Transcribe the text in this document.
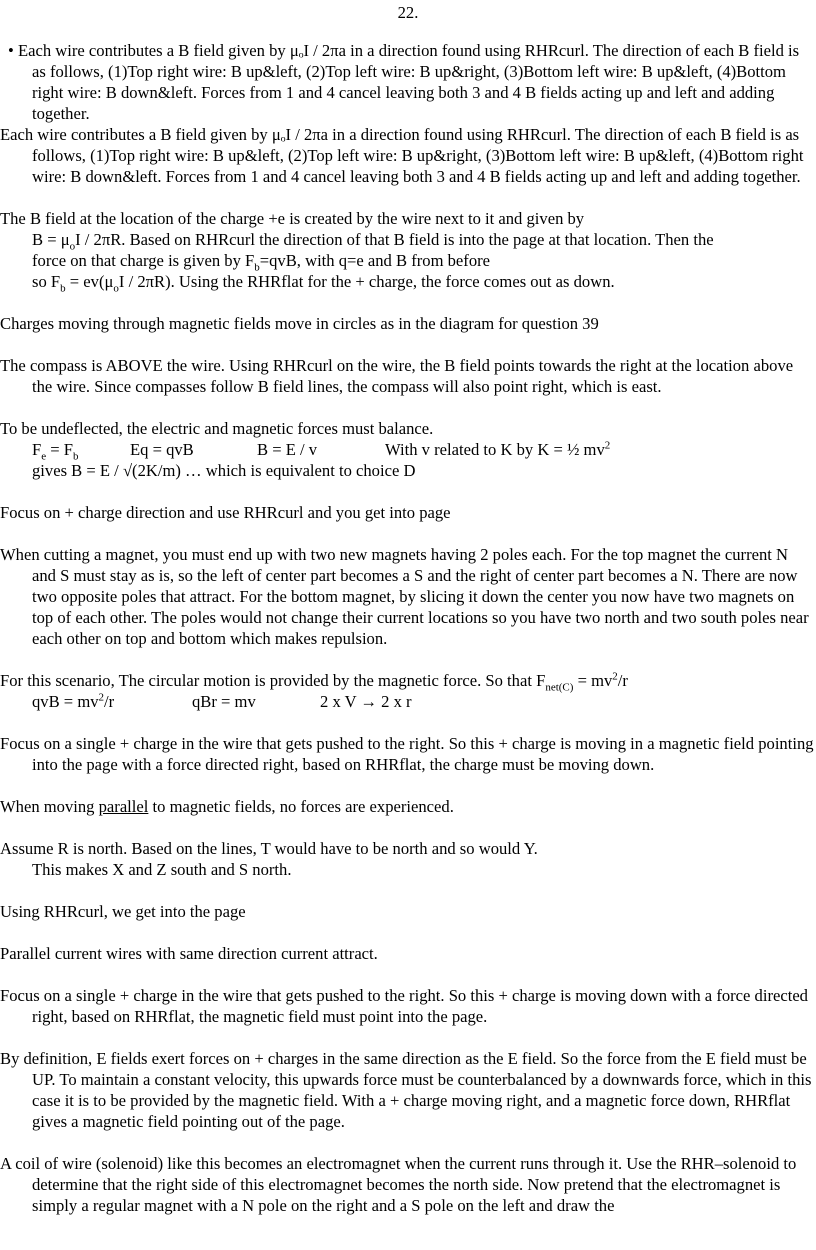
22.

• Each wire contributes a B field given by μₒI / 2πa in a direction found using RHRcurl. The direction of each B field is as follows, (1)Top right wire: B up&left, (2)Top left wire: B up&right, (3)Bottom left wire: B up&left, (4)Bottom right wire: B down&left. Forces from 1 and 4 cancel leaving both 3 and 4 B fields acting up and left and adding together.

Each wire contributes a B field given by μₒI / 2πa in a direction found using RHRcurl. The direction of each B field is as follows, (1)Top right wire: B up&left, (2)Top left wire: B up&right, (3)Bottom left wire: B up&left, (4)Bottom right wire: B down&left. Forces from 1 and 4 cancel leaving both 3 and 4 B fields acting up and left and adding together.

The B field at the location of the charge +e is created by the wire next to it and given by
$B = \mu_oI / 2\pi R$. Based on RHRcurl the direction of that B field is into the page at that location. Then the
force on that charge is given by $F_b=qvB$, with q=e and B from before
so $F_b = ev(\mu_oI / 2\pi R)$. Using the RHRflat for the + charge, the force comes out as down.

Charges moving through magnetic fields move in circles as in the diagram for question 39

The compass is ABOVE the wire. Using RHRcurl on the wire, the B field points towards the right at the location above the wire. Since compasses follow B field lines, the compass will also point right, which is east.

To be undeflected, the electric and magnetic forces must balance.
$F_e = F_b$	Eq = qvB	B = E / v	With v related to K by K = ½ $mv^2$
gives B = E / √(2K/m) … which is equivalent to choice D

Focus on + charge direction and use RHRcurl and you get into page

When cutting a magnet, you must end up with two new magnets having 2 poles each. For the top magnet the current N and S must stay as is, so the left of center part becomes a S and the right of center part becomes a N. There are now two opposite poles that attract. For the bottom magnet, by slicing it down the center you now have two magnets on top of each other. The poles would not change their current locations so you have two north and two south poles near each other on top and bottom which makes repulsion.

For this scenario, The circular motion is provided by the magnetic force. So that $F_{net(C)} = mv^2/r$
qvB = $mv^2/r$	qBr = mv	2 x V → 2 x r

Focus on a single + charge in the wire that gets pushed to the right. So this + charge is moving in a magnetic field pointing into the page with a force directed right, based on RHRflat, the charge must be moving down.

When moving parallel to magnetic fields, no forces are experienced.

Assume R is north. Based on the lines, T would have to be north and so would Y.
This makes X and Z south and S north.

Using RHRcurl, we get into the page

Parallel current wires with same direction current attract.

Focus on a single + charge in the wire that gets pushed to the right. So this + charge is moving down with a force directed right, based on RHRflat, the magnetic field must point into the page.

By definition, E fields exert forces on + charges in the same direction as the E field. So the force from the E field must be UP. To maintain a constant velocity, this upwards force must be counterbalanced by a downwards force, which in this case it is to be provided by the magnetic field. With a + charge moving right, and a magnetic force down, RHRflat gives a magnetic field pointing out of the page.

A coil of wire (solenoid) like this becomes an electromagnet when the current runs through it. Use the RHR–solenoid to determine that the right side of this electromagnet becomes the north side. Now pretend that the electromagnet is simply a regular magnet with a N pole on the right and a S pole on the left and draw the
